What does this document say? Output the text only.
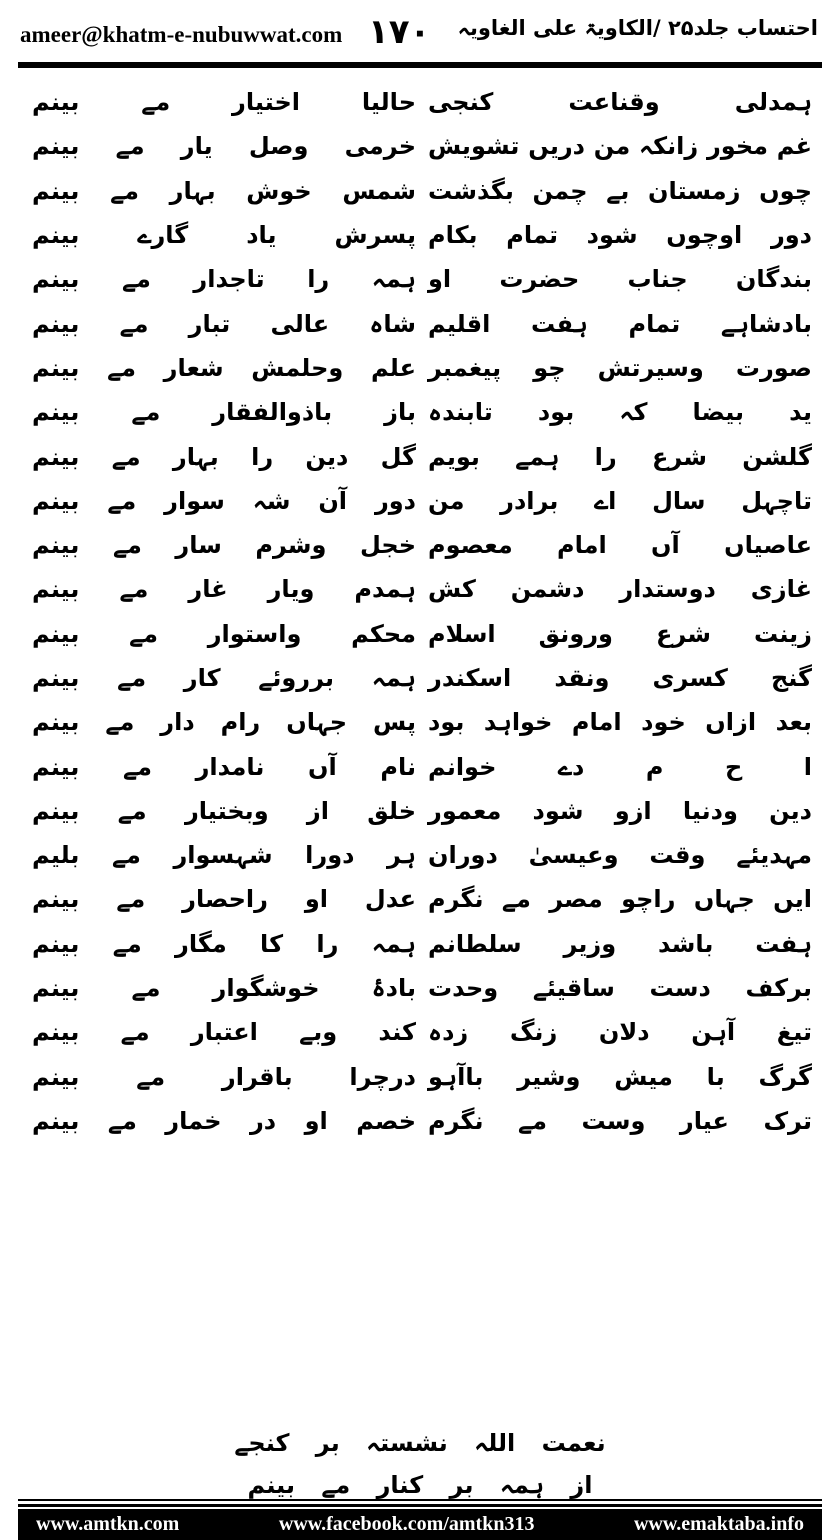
ameer@khatm-e-nubuwwat.com ۱۷۰ احتساب جلد۲۵ /الکاویۃ علی الغاویہ
ہمدلی وقناعت کنجی
حالیا اختیار مے بینم
غم مخور زانکہ من دریں تشویش
خرمی وصل یار مے بینم
چوں زمستان بے چمن بگذشت
شمس خوش بہار مے بینم
دور اوچوں شود تمام بکام
پسرش یاد گارے بینم
بندگان جناب حضرت او
ہمہ را تاجدار مے بینم
بادشاہے تمام ہفت اقلیم
شاہ عالی تبار مے بینم
صورت وسیرتش چو پیغمبر
علم وحلمش شعار مے بینم
ید بیضا کہ بود تابندہ
باز باذوالفقار مے بینم
گلشن شرع را ہمے بویم
گل دین را بہار مے بینم
تاچہل سال اے برادر من
دور آن شہ سوار مے بینم
عاصیاں آں امام معصوم
خجل وشرم سار مے بینم
غازی دوستدار دشمن کش
ہمدم ویار غار مے بینم
زینت شرع ورونق اسلام
محکم واستوار مے بینم
گنج کسری ونقد اسکندر
ہمہ برروئے کار مے بینم
بعد ازاں خود امام خواہد بود
پس جہاں رام دار مے بینم
ا ح م دے خوانم
نام آں نامدار مے بینم
دین ودنیا ازو شود معمور
خلق از وبختیار مے بینم
مہدیئے وقت وعیسیٰ دوران
ہر دورا شہسوار مے بلیم
ایں جہاں راچو مصر مے نگرم
عدل او راحصار مے بینم
ہفت باشد وزیر سلطانم
ہمہ را کا مگار مے بینم
برکف دست ساقیئے وحدت
بادۂ خوشگوار مے بینم
تیغ آہن دلان زنگ زدہ
کند وبے اعتبار مے بینم
گرگ با میش وشیر باآہو
درچرا باقرار مے بینم
ترک عیار وست مے نگرم
خصم او در خمار مے بینم
نعمت اللہ نشستہ بر کنجے
از ہمہ بر کنار مے بینم
www.amtkn.com	www.facebook.com/amtkn313	www.emaktaba.info
